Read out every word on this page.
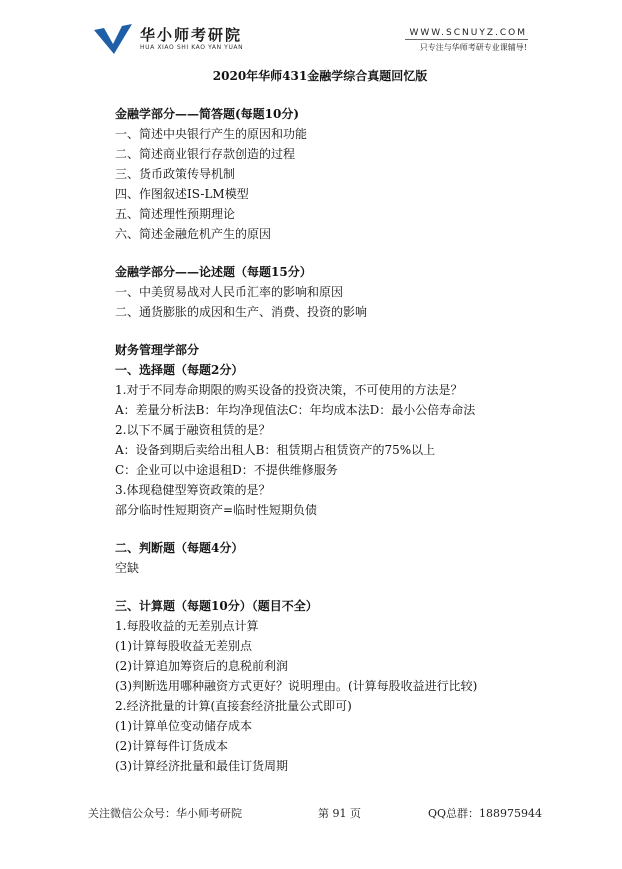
华小师考研院
HUA XIAO SHI KAO YAN YUAN
WWW.SCNUYZ.COM
只专注与华师考研专业课辅导!
2020年华师431金融学综合真题回忆版
金融学部分——简答题(每题10分)
一、简述中央银行产生的原因和功能
二、简述商业银行存款创造的过程
三、货币政策传导机制
四、作图叙述IS-LM模型
五、简述理性预期理论
六、简述金融危机产生的原因
金融学部分——论述题（每题15分）
一、中美贸易战对人民币汇率的影响和原因
二、通货膨胀的成因和生产、消费、投资的影响
财务管理学部分
一、选择题（每题2分）
1.对于不同寿命期限的购买设备的投资决策，不可使用的方法是？
A：差量分析法B：年均净现值法C：年均成本法D：最小公倍寿命法
2.以下不属于融资租赁的是？
A：设备到期后卖给出租人B：租赁期占租赁资产的75%以上
C：企业可以中途退租D：不提供维修服务
3.体现稳健型筹资政策的是？
部分临时性短期资产=临时性短期负债
二、判断题（每题4分）
空缺
三、计算题（每题10分）（题目不全）
1.每股收益的无差别点计算
(1)计算每股收益无差别点
(2)计算追加筹资后的息税前利润
(3)判断选用哪种融资方式更好？说明理由。(计算每股收益进行比较)
2.经济批量的计算(直接套经济批量公式即可)
(1)计算单位变动储存成本
(2)计算每件订货成本
(3)计算经济批量和最佳订货周期
关注微信公众号：华小师考研院	第 91 页	QQ总群：188975944
